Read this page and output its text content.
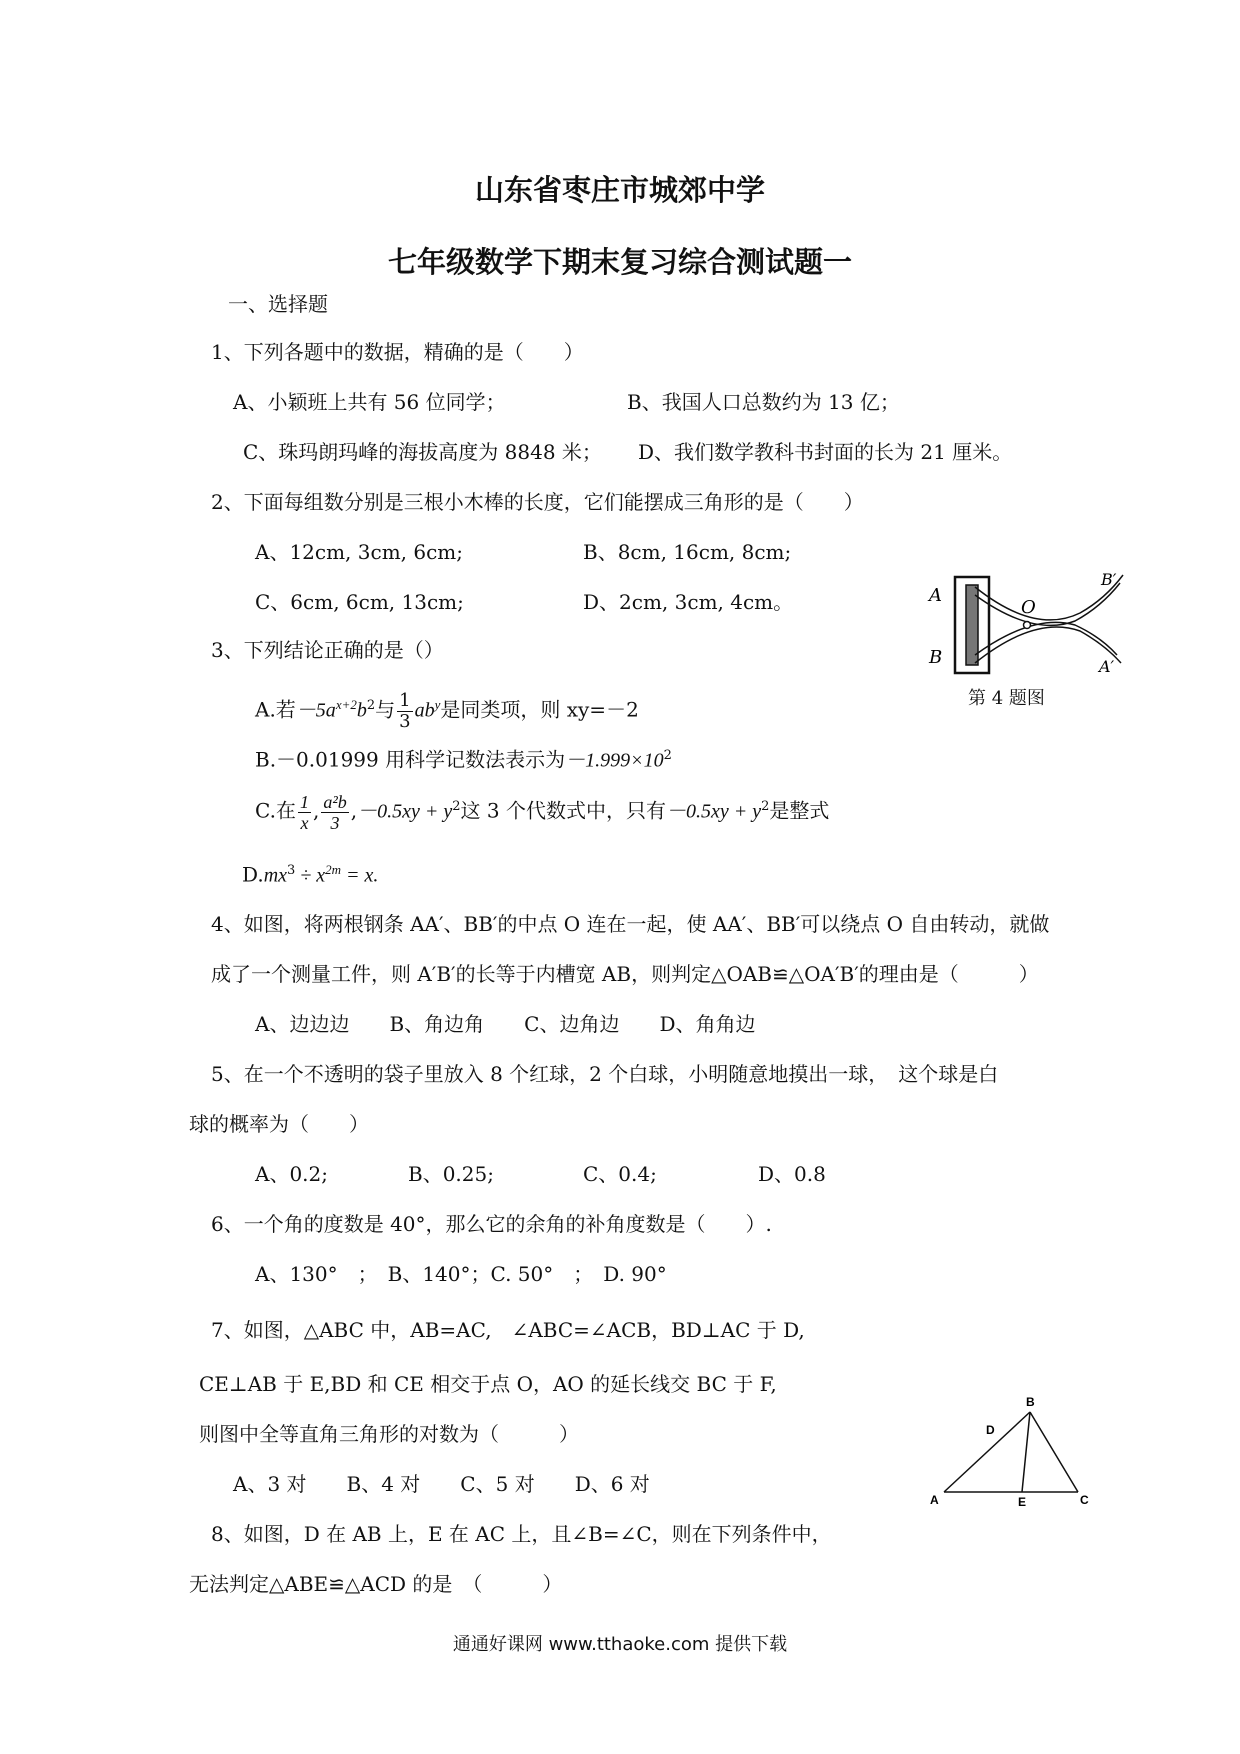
山东省枣庄市城郊中学
七年级数学下期末复习综合测试题一
一、选择题
1、下列各题中的数据，精确的是（　　）
A、小颖班上共有 56 位同学；	B、我国人口总数约为 13 亿；
C、珠玛朗玛峰的海拔高度为 8848 米； D、我们数学教科书封面的长为 21 厘米。
2、下面每组数分别是三根小木棒的长度，它们能摆成三角形的是（　　）
A、12cm, 3cm, 6cm;	B、8cm, 16cm, 8cm;
C、6cm, 6cm, 13cm;	D、2cm, 3cm, 4cm。	A
B
O
B′
A′
第 4 题图
3、下列结论正确的是（）
A.若$-5a^{x+2}b^2$与 $\frac{1}{3} ab^y$是同类项，则 xy=－2
B.－0.01999 用科学记数法表示为$-1.999\times 10^2$
C.在 $\frac{1}{x}$ , $\frac{\text{a²b}}{3} ,-0.5xy + y^2$这 3 个代数式中，只有$-0.5xy + y^2$是整式
$D.mx^3 \div x^{2m} = x$.
4、如图，将两根钢条 AA′、BB′的中点 O 连在一起，使 AA′、BB′可以绕点 O 自由转动，就做
成了一个测量工件，则 A′B′的长等于内槽宽 AB，则判定△OAB≌△OA′B′的理由是（　　　）
A、边边边　　B、角边角　　C、边角边　　D、角角边
5、在一个不透明的袋子里放入 8 个红球，2 个白球，小明随意地摸出一球，　这个球是白
球的概率为（　　）
A、0.2;	B、0.25;	C、0.4;	D、0.8
6、一个角的度数是 40°，那么它的余角的补角度数是（　　）.
A、130°　；　B、140°；C. 50°　；　D. 90°
7、如图，△ABC 中，AB=AC,　∠ABC=∠ACB，BD⊥AC 于 D,
CE⊥AB 于 E,BD 和 CE 相交于点 O，AO 的延长线交 BC 于 F,
则图中全等直角三角形的对数为（　　　）
A、3 对　　B、4 对　　C、5 对　　D、6 对
B
D
A	E	C
8、如图，D 在 AB 上，E 在 AC 上，且∠B=∠C，则在下列条件中，
无法判定△ABE≌△ACD 的是　（　　　）
通通好课网 www.tthaoke.com 提供下载
